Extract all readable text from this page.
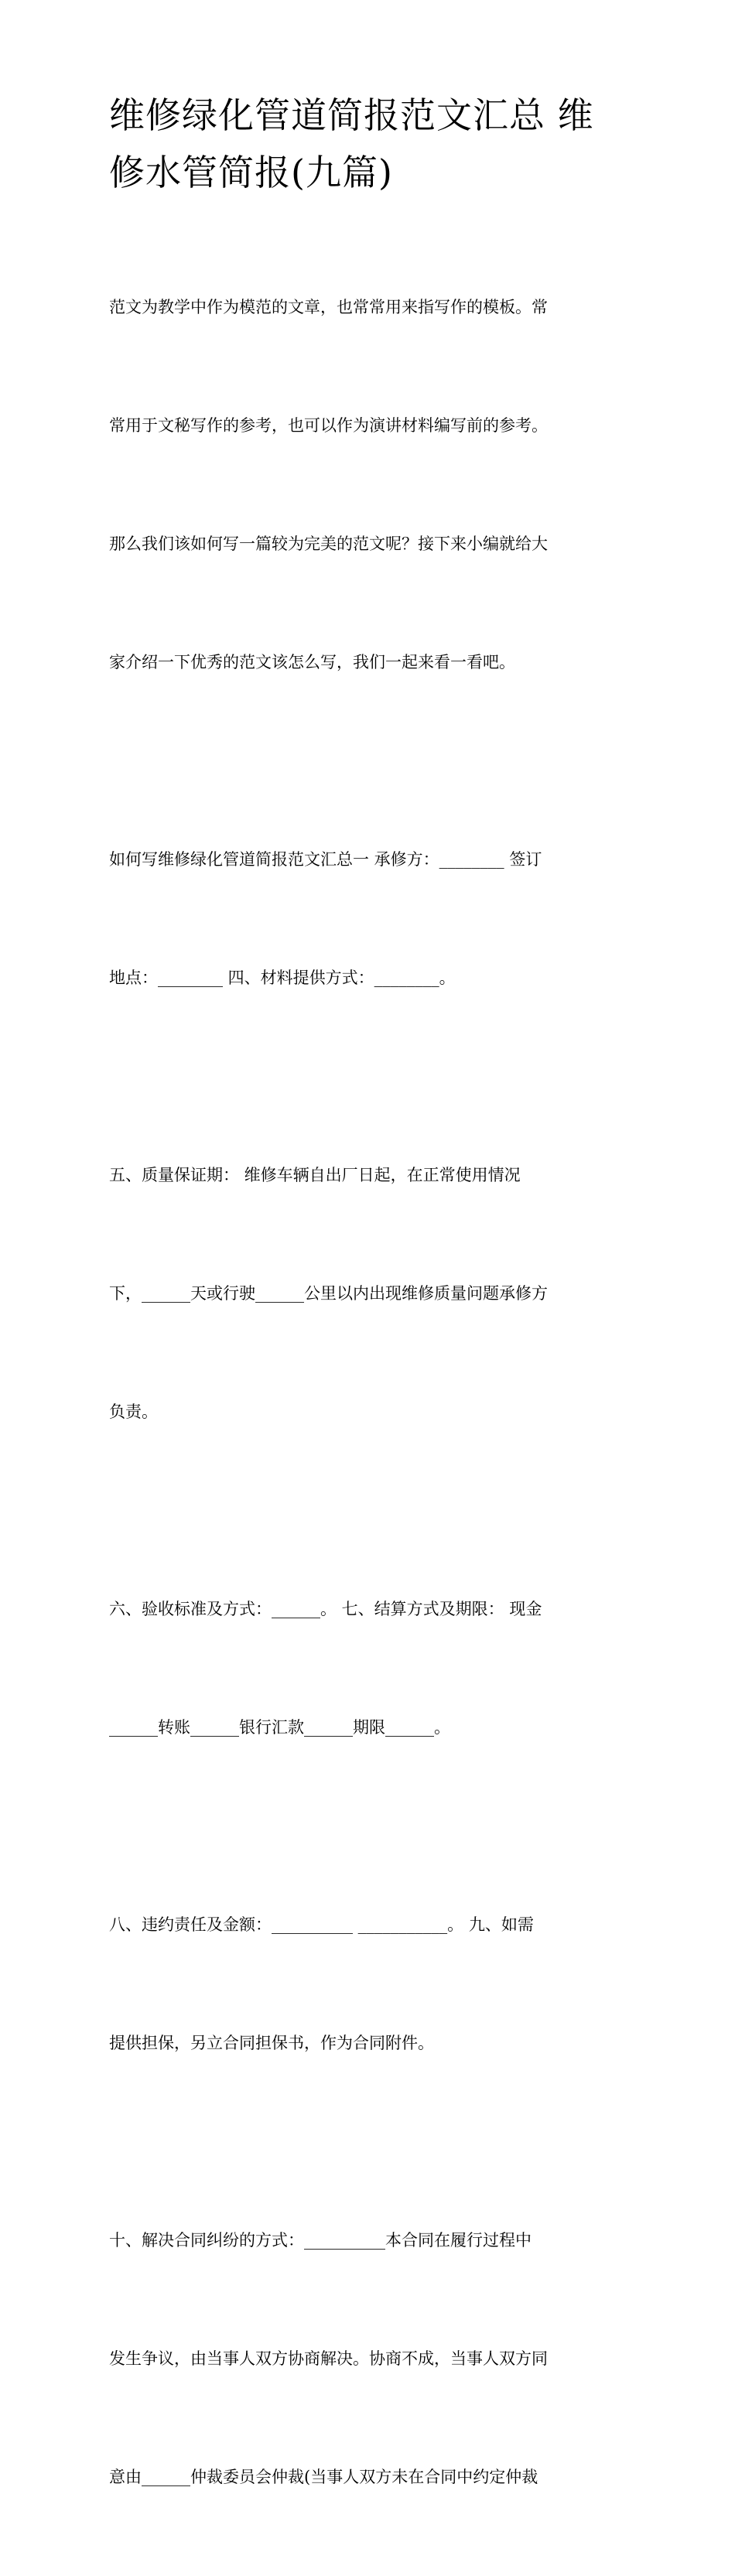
维修绿化管道简报范文汇总 维
修水管简报(九篇)

范文为教学中作为模范的文章，也常常用来指写作的模板。常

常用于文秘写作的参考，也可以作为演讲材料编写前的参考。

那么我们该如何写一篇较为完美的范文呢？接下来小编就给大

家介绍一下优秀的范文该怎么写，我们一起来看一看吧。

如何写维修绿化管道简报范文汇总一 承修方：________ 签订

地点：________ 四、材料提供方式：________。

五、质量保证期： 维修车辆自出厂日起，在正常使用情况

下，______天或行驶______公里以内出现维修质量问题承修方

负责。

六、验收标准及方式：______。 七、结算方式及期限： 现金

______转账______银行汇款______期限______。

八、违约责任及金额：__________ ___________。 九、如需

提供担保，另立合同担保书，作为合同附件。

十、解决合同纠纷的方式：__________本合同在履行过程中

发生争议，由当事人双方协商解决。协商不成，当事人双方同

意由______仲裁委员会仲裁(当事人双方未在合同中约定仲裁
